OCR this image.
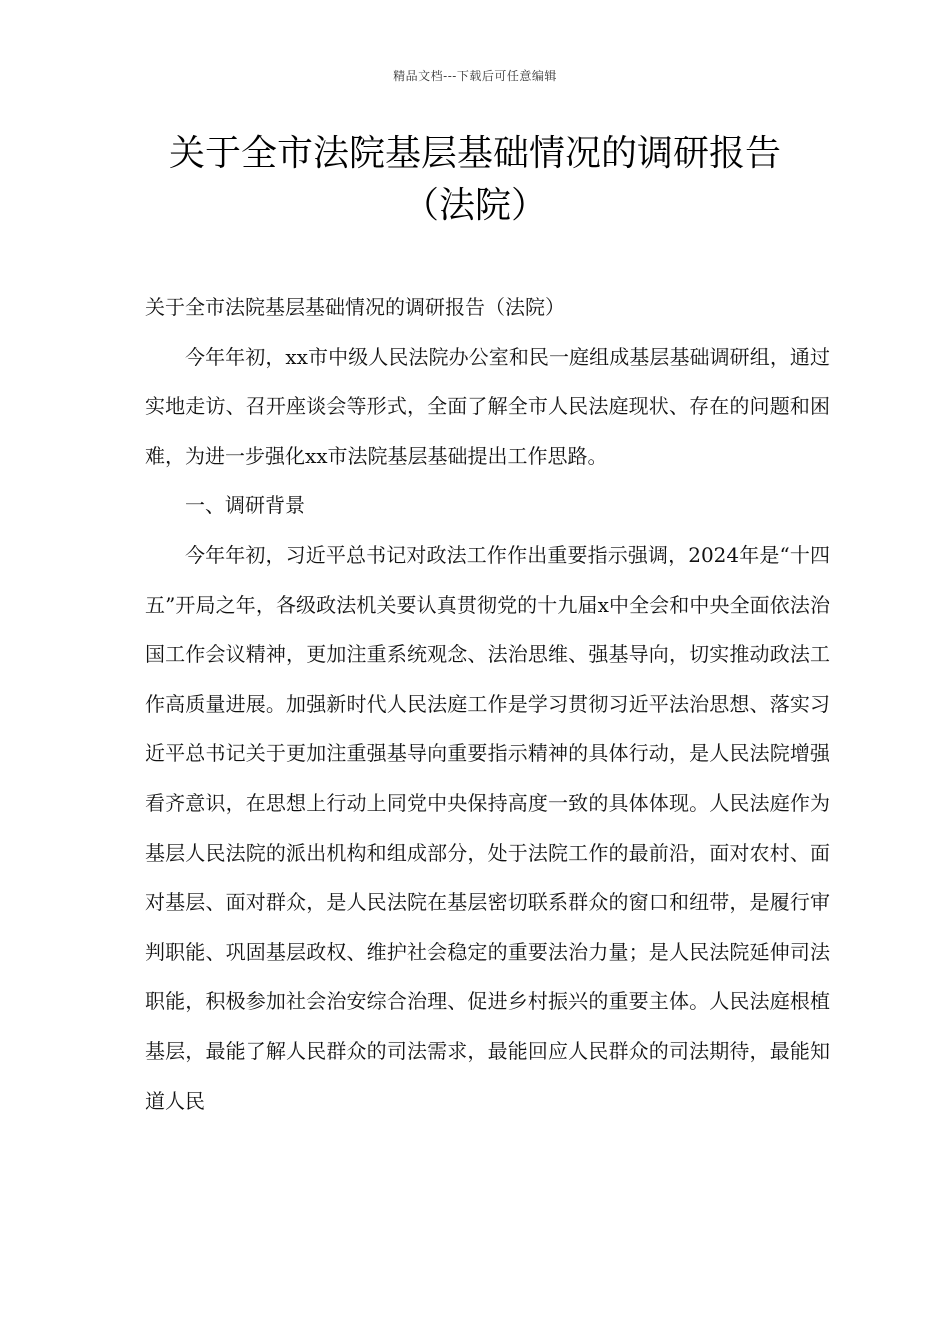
精品文档---下载后可任意编辑
关于全市法院基层基础情况的调研报告
（法院）

关于全市法院基层基础情况的调研报告（法院）

今年年初，xx市中级人民法院办公室和民一庭组成基层基础调研组，通过实地走访、召开座谈会等形式，全面了解全市人民法庭现状、存在的问题和困难，为进一步强化xx市法院基层基础提出工作思路。

一、调研背景

今年年初，习近平总书记对政法工作作出重要指示强调，2024年是“十四五”开局之年，各级政法机关要认真贯彻党的十九届x中全会和中央全面依法治国工作会议精神，更加注重系统观念、法治思维、强基导向，切实推动政法工作高质量进展。加强新时代人民法庭工作是学习贯彻习近平法治思想、落实习近平总书记关于更加注重强基导向重要指示精神的具体行动，是人民法院增强看齐意识，在思想上行动上同党中央保持高度一致的具体体现。人民法庭作为基层人民法院的派出机构和组成部分，处于法院工作的最前沿，面对农村、面对基层、面对群众，是人民法院在基层密切联系群众的窗口和纽带，是履行审判职能、巩固基层政权、维护社会稳定的重要法治力量；是人民法院延伸司法职能，积极参加社会治安综合治理、促进乡村振兴的重要主体。人民法庭根植基层，最能了解人民群众的司法需求，最能回应人民群众的司法期待，最能知道人民
